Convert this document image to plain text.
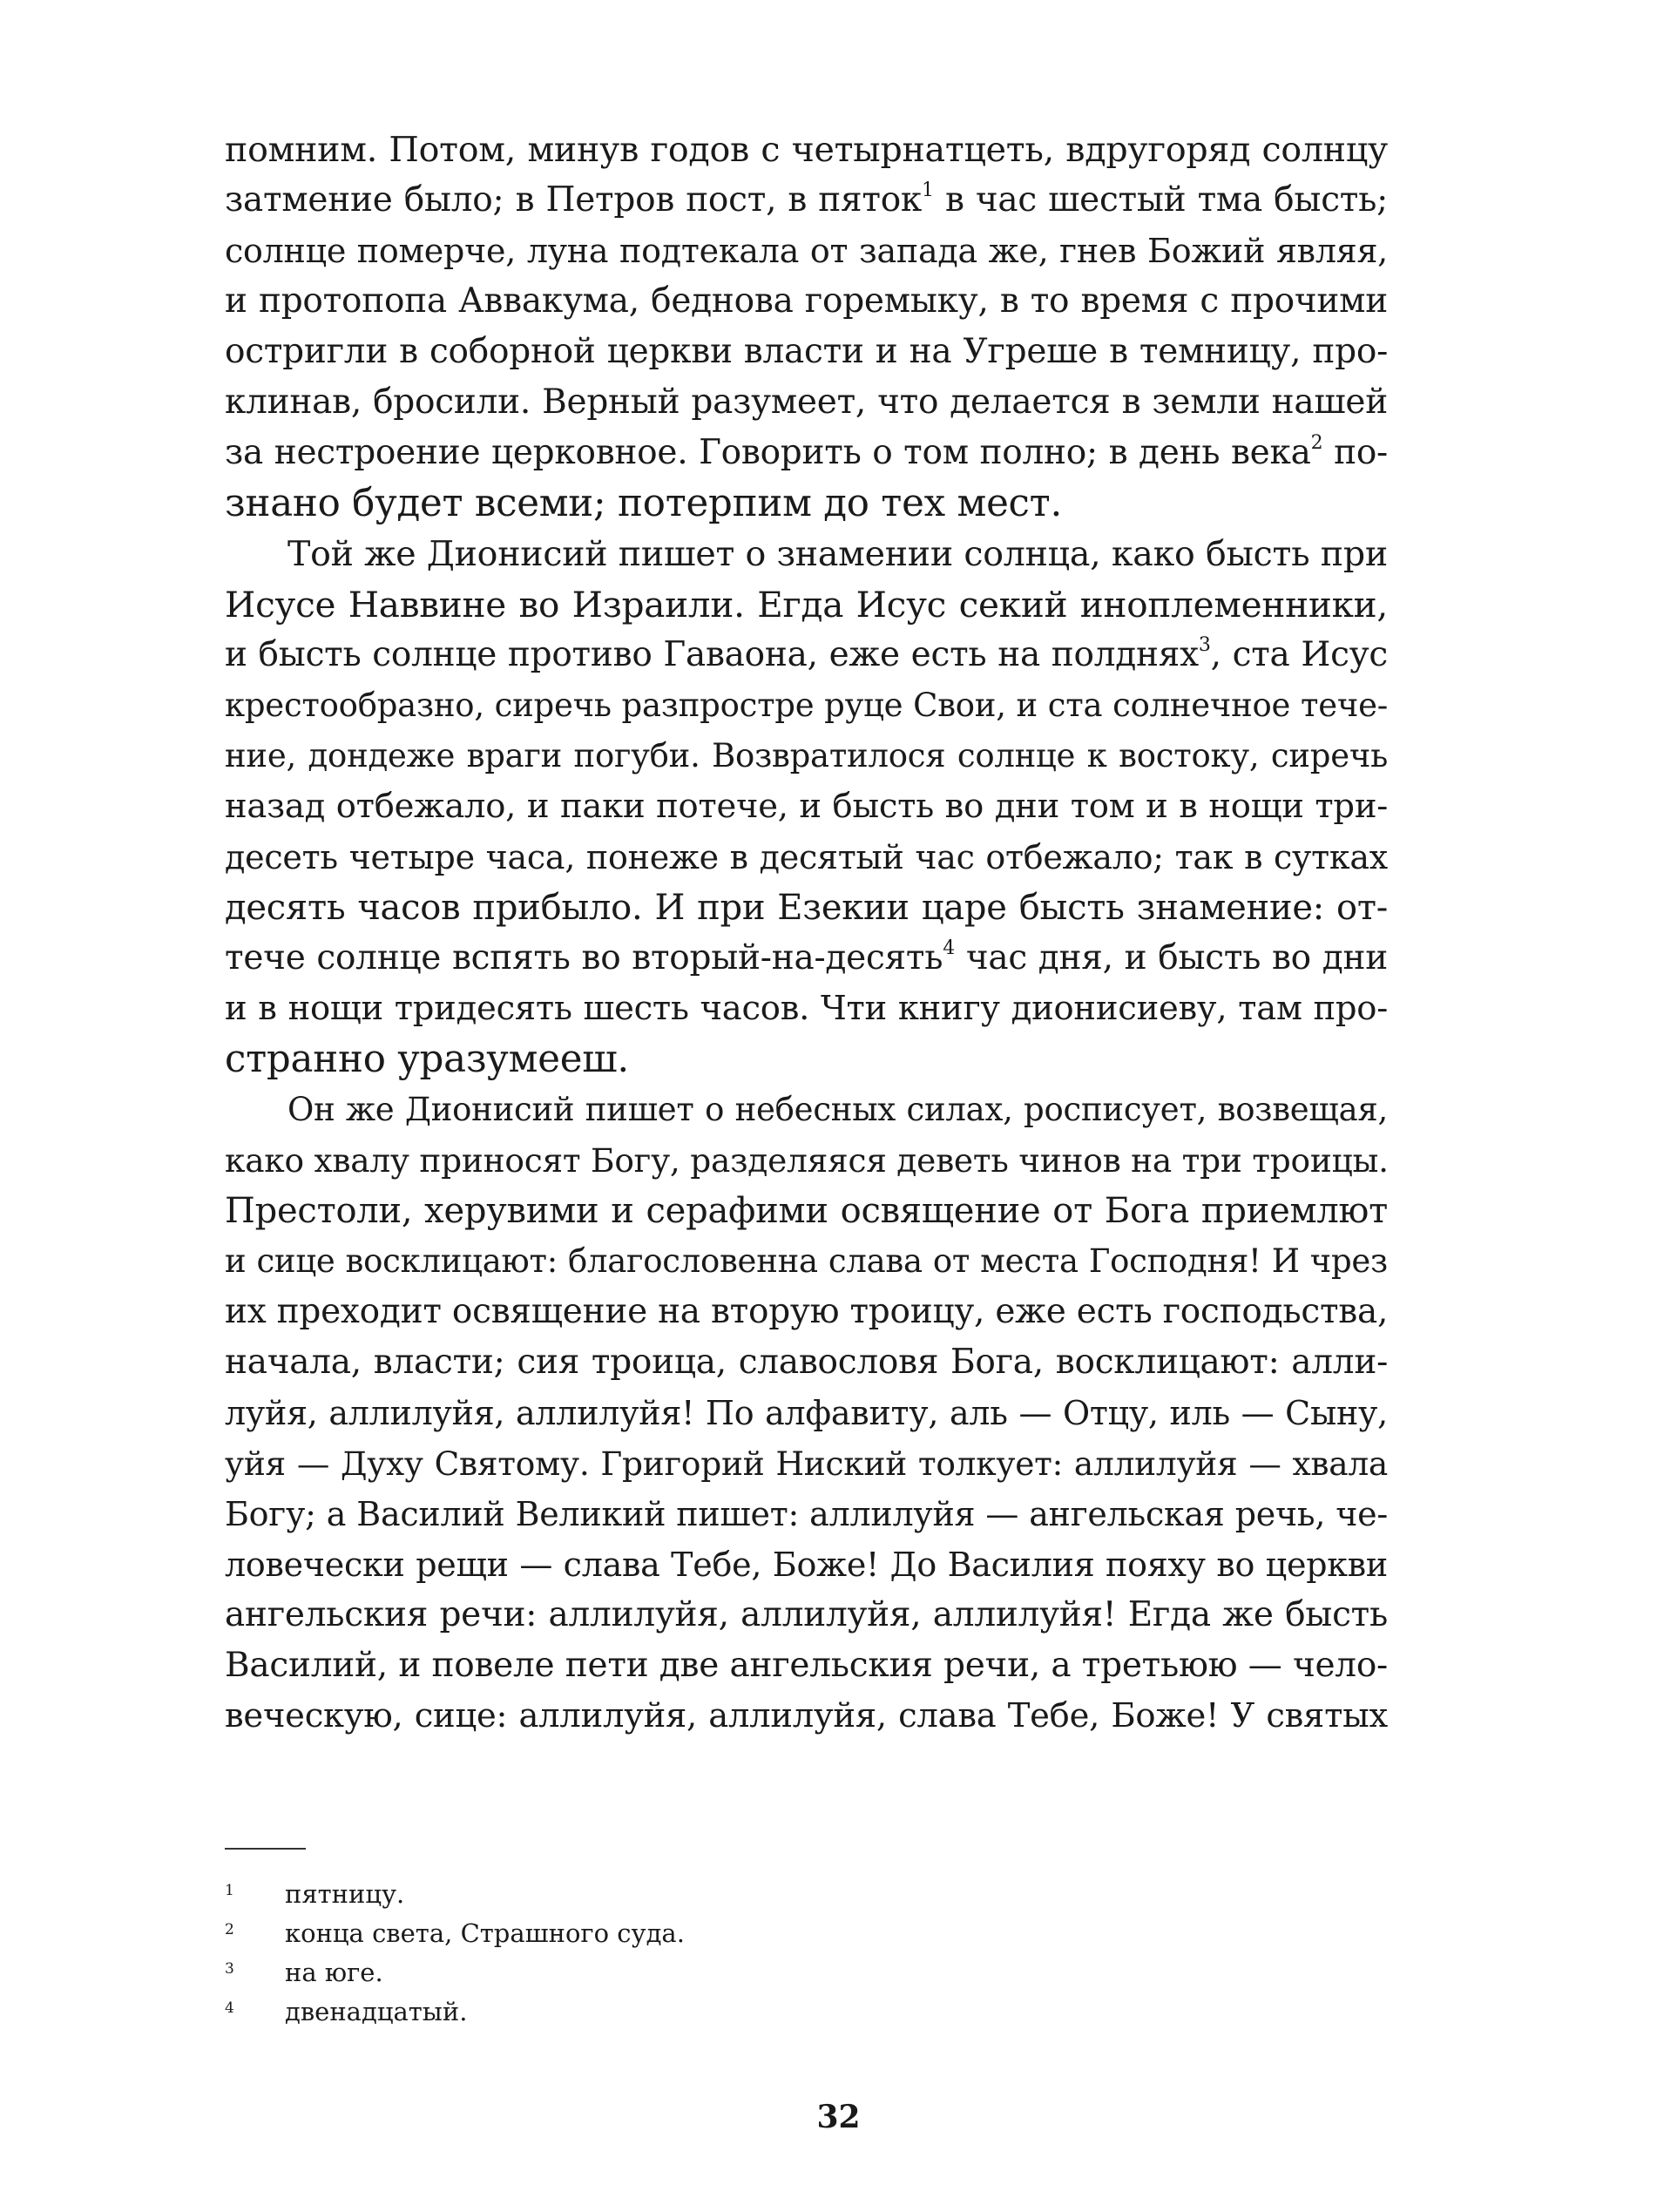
помним. Потом, минув годов с четырнатцеть, вдругоряд солнцу
затмение было; в Петров пост, в пяток$^1$ в час шестый тма бысть;
солнце померче, луна подтекала от запада же, гнев Божий являя,
и протопопа Аввакума, беднова горемыку, в то время с прочими
остригли в соборной церкви власти и на Угреше в темницу, про-
клинав, бросили. Верный разумеет, что делается в земли нашей
за нестроение церковное. Говорить о том полно; в день века$^2$ по-
знано будет всеми; потерпим до тех мест.
Той же Дионисий пишет о знамении солнца, како бысть при
Исусе Наввине во Израили. Егда Исус секий иноплеменники,
и бысть солнце противо Гаваона, еже есть на полднях$^3$, ста Исус
крестообразно, сиречь разпростре руце Свои, и ста солнечное тече-
ние, дондеже враги погуби. Возвратилося солнце к востоку, сиречь
назад отбежало, и паки потече, и бысть во дни том и в нощи три-
десеть четыре часа, понеже в десятый час отбежало; так в сутках
десять часов прибыло. И при Езекии царе бысть знамение: от-
тече солнце вспять во вторый-на-десять$^4$ час дня, и бысть во дни
и в нощи тридесять шесть часов. Чти книгу дионисиеву, там про-
странно уразумееш.
Он же Дионисий пишет о небесных силах, росписует, возвещая,
како хвалу приносят Богу, разделяяся деветь чинов на три троицы.
Престоли, херувими и серафими освящение от Бога приемлют
и сице восклицают: благословенна слава от места Господня! И чрез
их преходит освящение на вторую троицу, еже есть господьства,
начала, власти; сия троица, славословя Бога, восклицают: алли-
луйя, аллилуйя, аллилуйя! По алфавиту, аль — Отцу, иль — Сыну,
уйя — Духу Святому. Григорий Ниский толкует: аллилуйя — хвала
Богу; а Василий Великий пишет: аллилуйя — ангельская речь, че-
ловечески рещи — слава Тебе, Боже! До Василия пояху во церкви
ангельския речи: аллилуйя, аллилуйя, аллилуйя! Егда же бысть
Василий, и повеле пети две ангельския речи, а третьюю — чело-
веческую, сице: аллилуйя, аллилуйя, слава Тебе, Боже! У святых
1 пятницу.
2 конца света, Страшного суда.
3 на юге.
4 двенадцатый.
32
